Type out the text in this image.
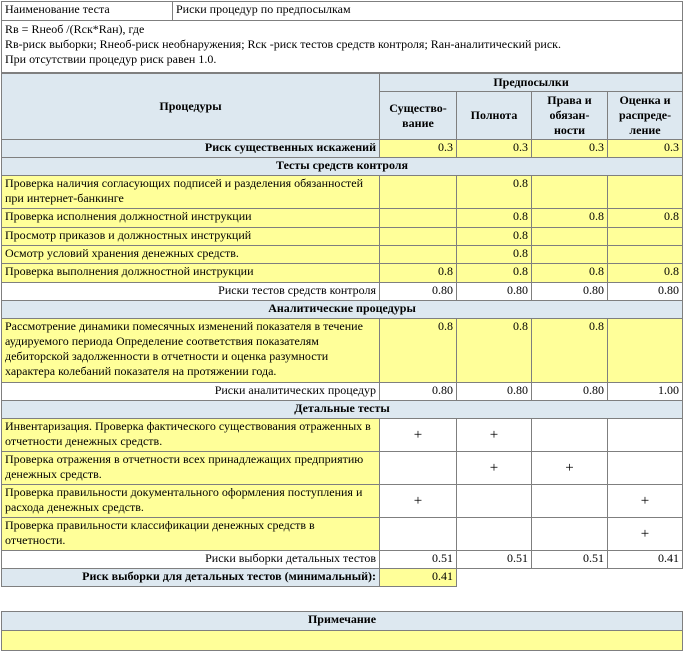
Наименование теста	Риски процедур по предпосылкам

Rв = Rнеоб /(Rск*Rан), где
Rв-риск выборки; Rнеоб-риск необнаружения; Rск -риск тестов средств контроля; Rан-аналитический риск.
При отсутствии процедур риск равен 1.0.
Процедуры	Предпосылки			
	Существо-вание	Полнота	Права и обязан-ности	Оценка и распреде-ление
Риск существенных искажений	0.3	0.3	0.3	0.3
Тесты средств контроля				
Проверка наличия согласующих подписей и разделения обязанностей при интернет-банкинге		0.8		
Проверка исполнения должностной инструкции		0.8	0.8	0.8
Просмотр приказов и должностных инструкций		0.8		
Осмотр условий хранения денежных средств.		0.8		
Проверка выполнения должностной инструкции	0.8	0.8	0.8	0.8
Риски тестов средств контроля	0.80	0.80	0.80	0.80
Аналитические процедуры				
Рассмотрение динамики помесячных изменений показателя в течение аудируемого периода Определение соответствия показателям дебиторской задолженности в отчетности и оценка разумности характера колебаний показателя на протяжении года.	0.8	0.8	0.8	
Риски аналитических процедур	0.80	0.80	0.80	1.00
Детальные тесты				
Инвентаризация. Проверка фактического существования отраженных в отчетности денежных средств.	+	+		
Проверка отражения в отчетности всех принадлежащих предприятию денежных средств.		+	+	
Проверка правильности документального оформления поступления и расхода денежных средств.	+			+
Проверка правильности классификации денежных средств в отчетности.				+
Риски выборки детальных тестов	0.51	0.51	0.51	0.41
Риск выборки для детальных тестов (минимальный):	0.41			
Примечание
